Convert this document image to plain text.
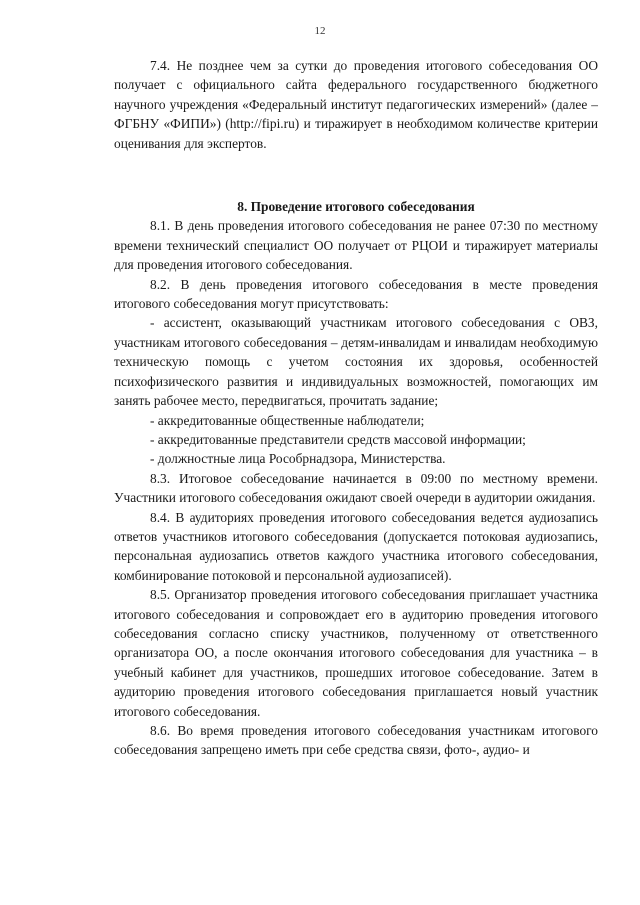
12

7.4. Не позднее чем за сутки до проведения итогового собеседования ОО получает с официального сайта федерального государственного бюджетного научного учреждения «Федеральный институт педагогических измерений» (далее – ФГБНУ «ФИПИ») (http://fipi.ru) и тиражирует в необходимом количестве критерии оценивания для экспертов.

8. Проведение итогового собеседования

8.1. В день проведения итогового собеседования не ранее 07:30 по местному времени технический специалист ОО получает от РЦОИ и тиражирует материалы для проведения итогового собеседования.

8.2. В день проведения итогового собеседования в месте проведения итогового собеседования могут присутствовать:

- ассистент, оказывающий участникам итогового собеседования с ОВЗ, участникам итогового собеседования – детям-инвалидам и инвалидам необходимую техническую помощь с учетом состояния их здоровья, особенностей психофизического развития и индивидуальных возможностей, помогающих им занять рабочее место, передвигаться, прочитать задание;

- аккредитованные общественные наблюдатели;

- аккредитованные представители средств массовой информации;

- должностные лица Рособрнадзора, Министерства.

8.3. Итоговое собеседование начинается в 09:00 по местному времени. Участники итогового собеседования ожидают своей очереди в аудитории ожидания.

8.4. В аудиториях проведения итогового собеседования ведется аудиозапись ответов участников итогового собеседования (допускается потоковая аудиозапись, персональная аудиозапись ответов каждого участника итогового собеседования, комбинирование потоковой и персональной аудиозаписей).

8.5. Организатор проведения итогового собеседования приглашает участника итогового собеседования и сопровождает его в аудиторию проведения итогового собеседования согласно списку участников, полученному от ответственного организатора ОО, а после окончания итогового собеседования для участника – в учебный кабинет для участников, прошедших итоговое собеседование. Затем в аудиторию проведения итогового собеседования приглашается новый участник итогового собеседования.

8.6. Во время проведения итогового собеседования участникам итогового собеседования запрещено иметь при себе средства связи, фото-, аудио- и
